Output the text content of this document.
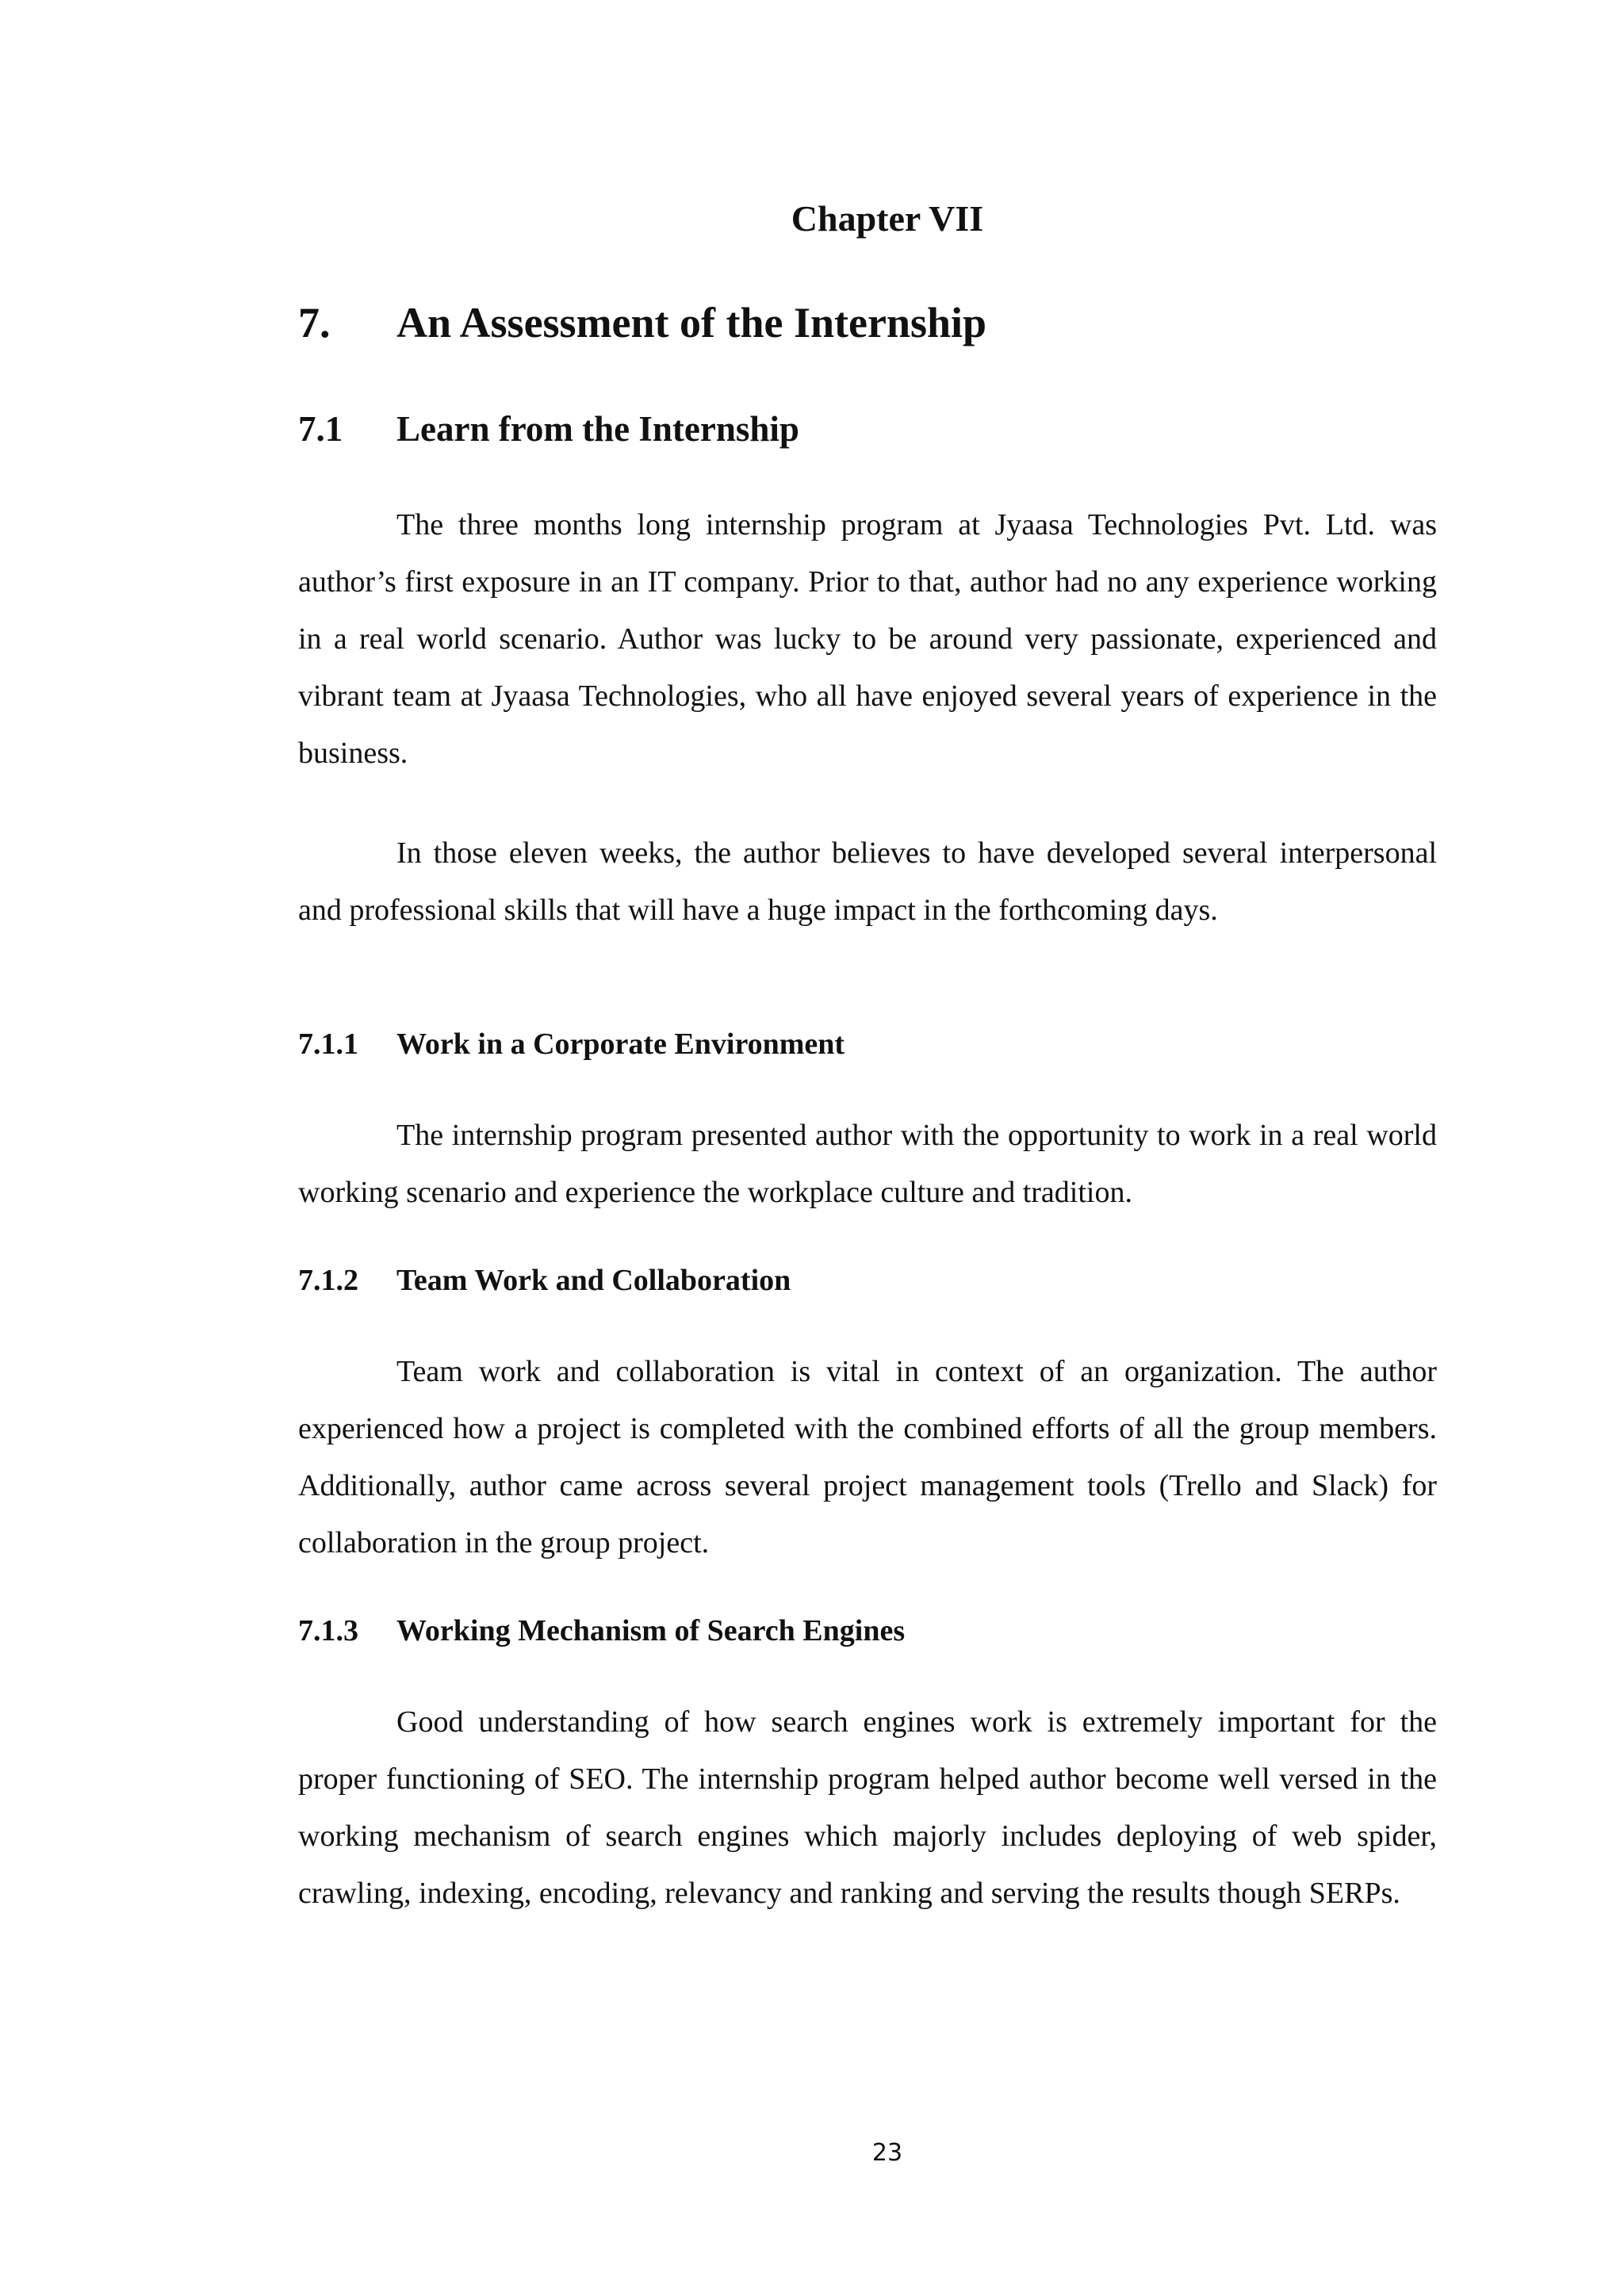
Chapter VII
7. An Assessment of the Internship
7.1 Learn from the Internship

The three months long internship program at Jyaasa Technologies Pvt. Ltd. was author’s first exposure in an IT company. Prior to that, author had no any experience working in a real world scenario. Author was lucky to be around very passionate, experienced and vibrant team at Jyaasa Technologies, who all have enjoyed several years of experience in the business.

In those eleven weeks, the author believes to have developed several interpersonal and professional skills that will have a huge impact in the forthcoming days.

7.1.1 Work in a Corporate Environment

The internship program presented author with the opportunity to work in a real world working scenario and experience the workplace culture and tradition.

7.1.2 Team Work and Collaboration

Team work and collaboration is vital in context of an organization. The author experienced how a project is completed with the combined efforts of all the group members. Additionally, author came across several project management tools (Trello and Slack) for collaboration in the group project.

7.1.3 Working Mechanism of Search Engines

Good understanding of how search engines work is extremely important for the proper functioning of SEO. The internship program helped author become well versed in the working mechanism of search engines which majorly includes deploying of web spider, crawling, indexing, encoding, relevancy and ranking and serving the results though SERPs.

23
